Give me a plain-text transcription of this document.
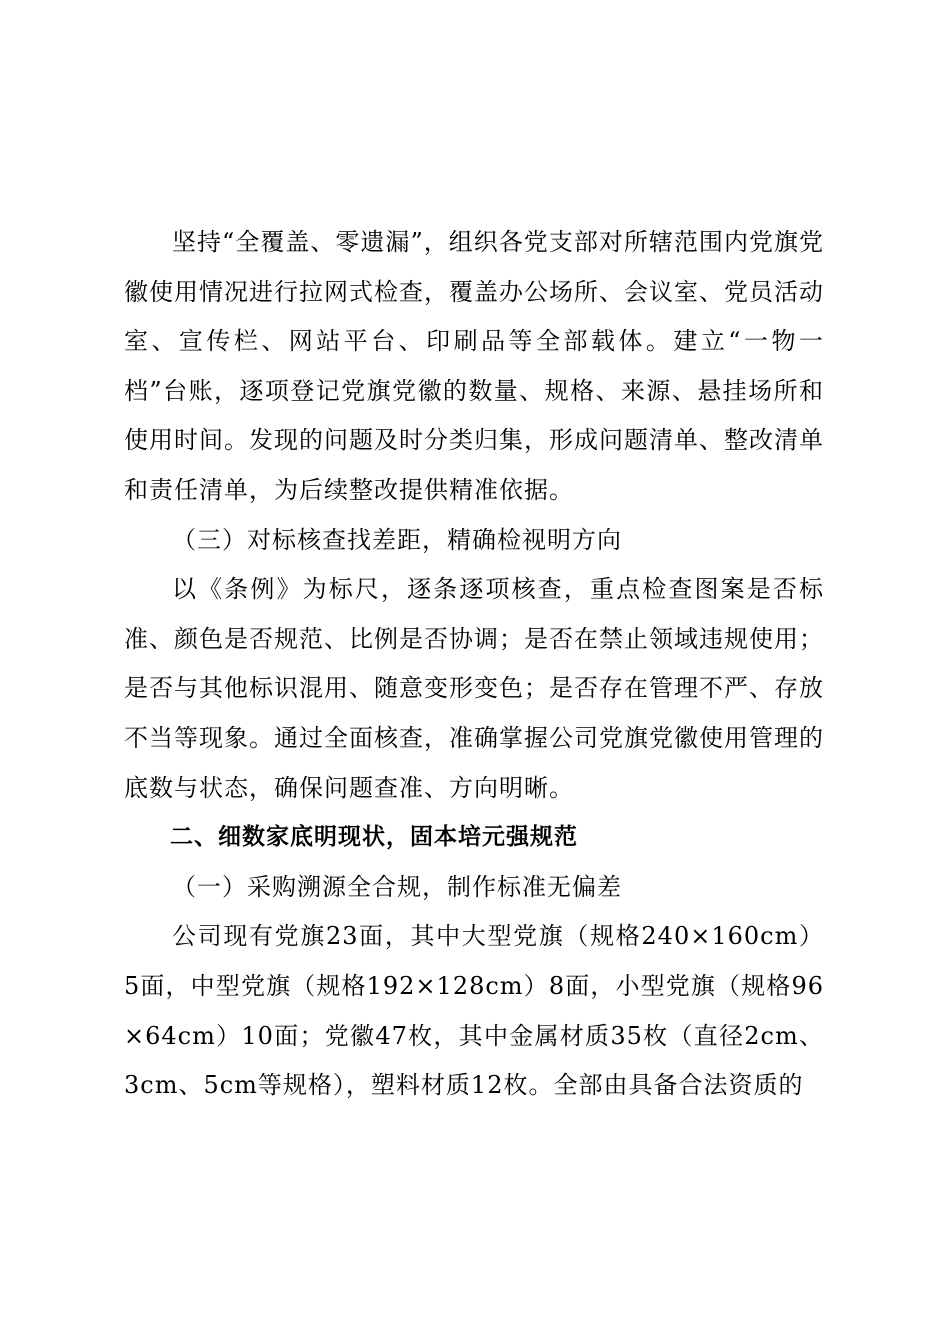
坚持“全覆盖、零遗漏”，组织各党支部对所辖范围内党旗党徽使用情况进行拉网式检查，覆盖办公场所、会议室、党员活动室、宣传栏、网站平台、印刷品等全部载体。建立“一物一档”台账，逐项登记党旗党徽的数量、规格、来源、悬挂场所和使用时间。发现的问题及时分类归集，形成问题清单、整改清单和责任清单，为后续整改提供精准依据。

（三）对标核查找差距，精确检视明方向

以《条例》为标尺，逐条逐项核查，重点检查图案是否标准、颜色是否规范、比例是否协调；是否在禁止领域违规使用；是否与其他标识混用、随意变形变色；是否存在管理不严、存放不当等现象。通过全面核查，准确掌握公司党旗党徽使用管理的底数与状态，确保问题查准、方向明晰。

二、细数家底明现状，固本培元强规范

（一）采购溯源全合规，制作标准无偏差

公司现有党旗23面，其中大型党旗（规格240×160cm）5面，中型党旗（规格192×128cm）8面，小型党旗（规格96×64cm）10面；党徽47枚，其中金属材质35枚（直径2cm、3cm、5cm等规格），塑料材质12枚。全部由具备合法资质的
